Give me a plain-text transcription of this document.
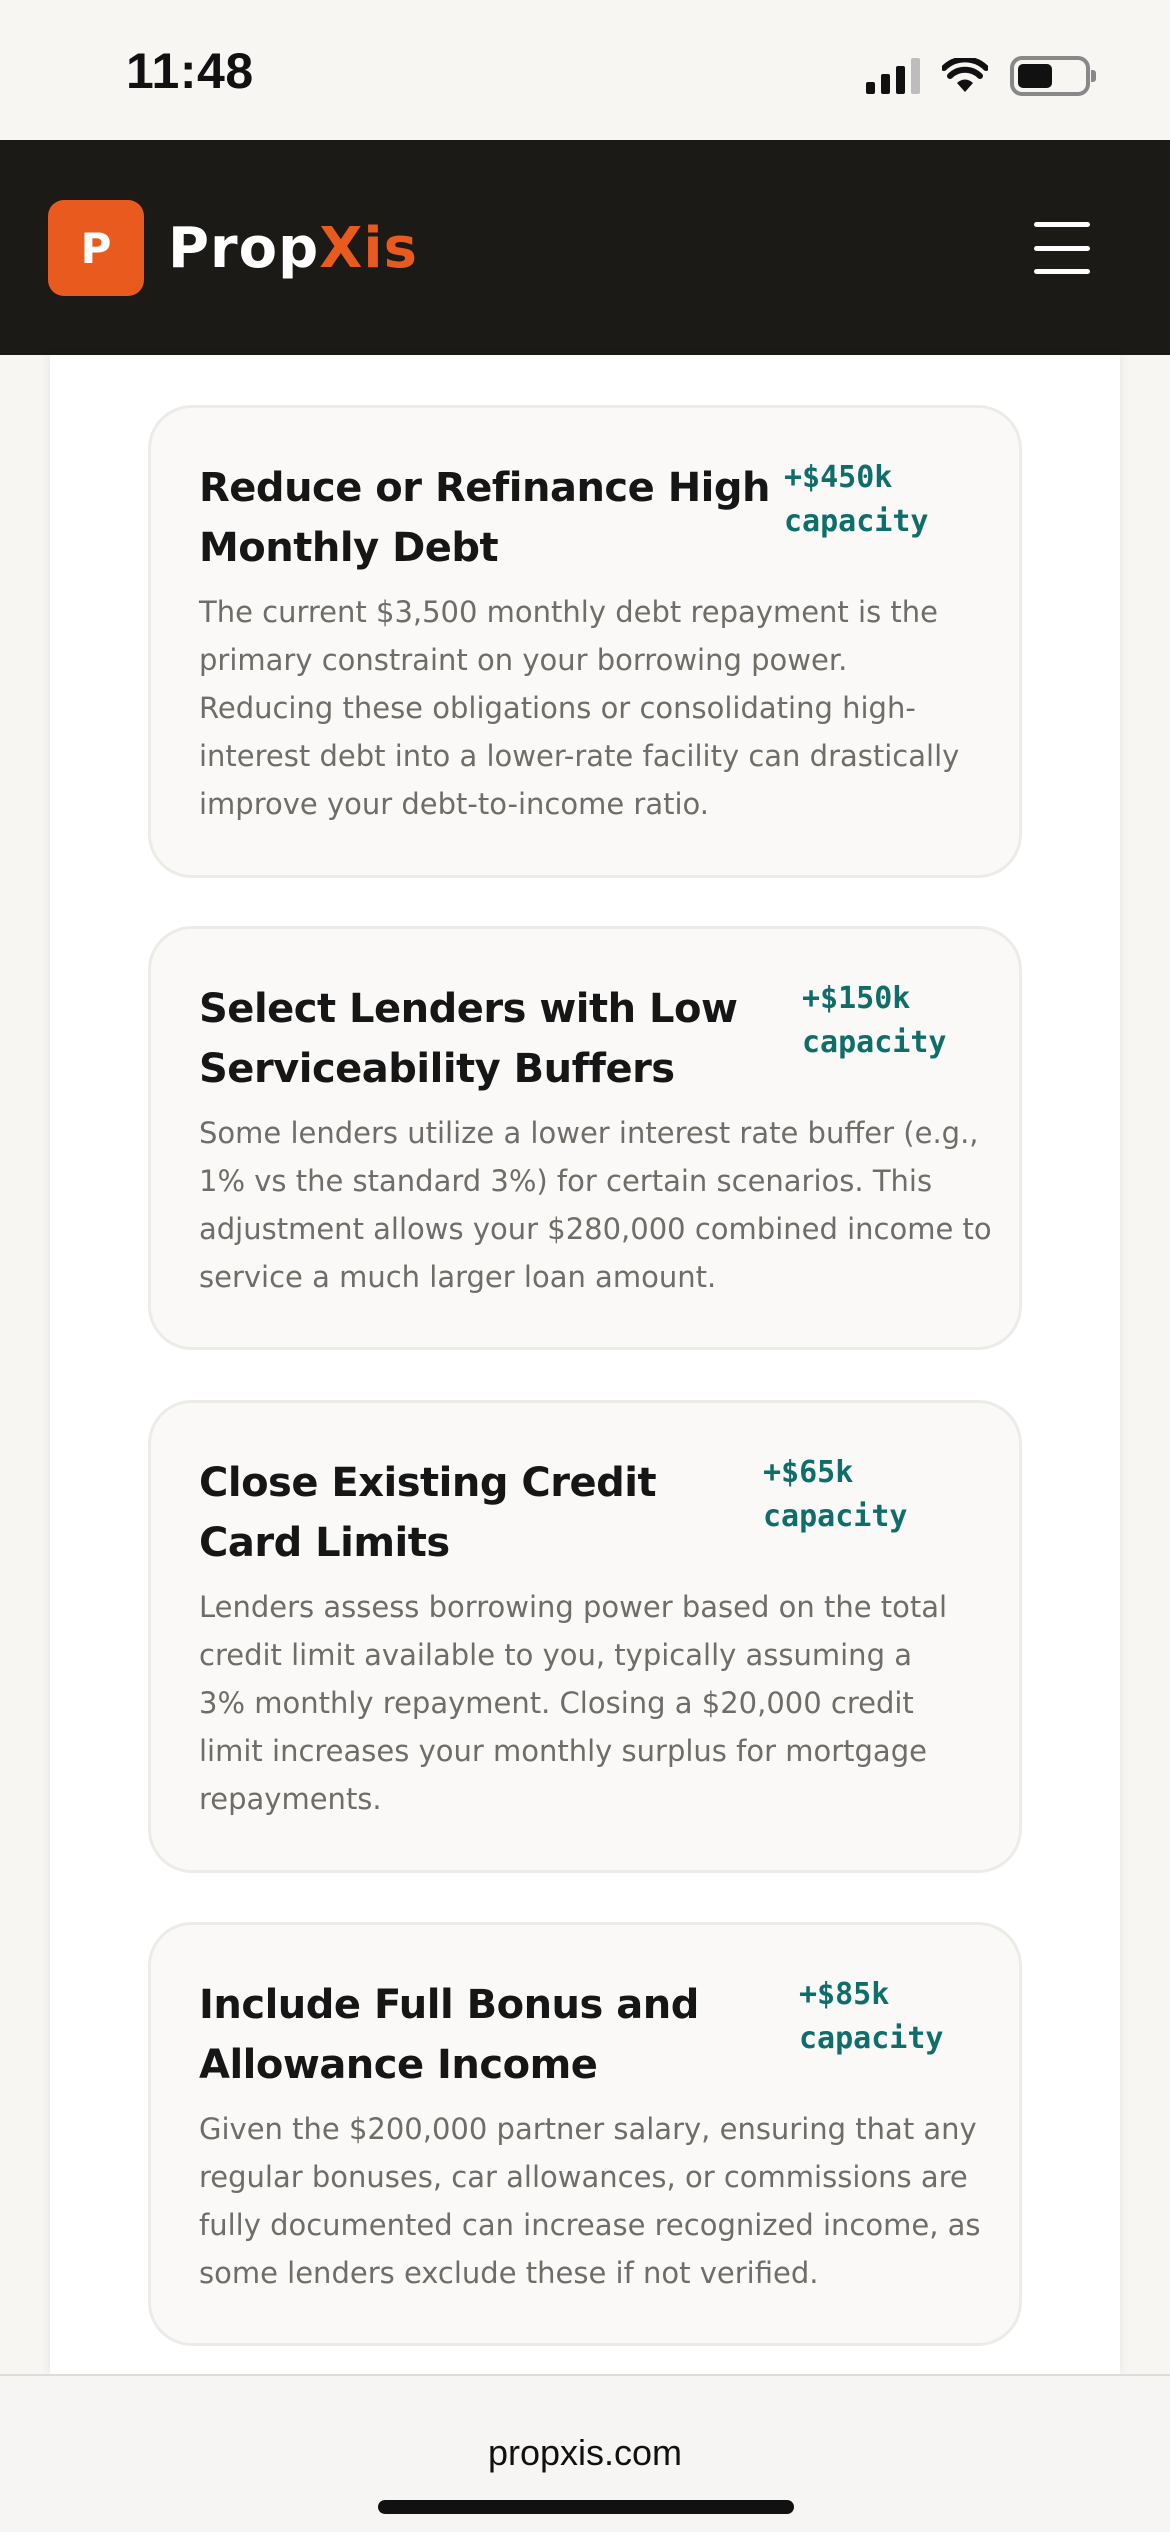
11:48
P	PropXis
Reduce or Refinance High Monthly Debt
+$450k
capacity
The current $3,500 monthly debt repayment is the primary constraint on your borrowing power. Reducing these obligations or consolidating high-interest debt into a lower-rate facility can drastically improve your debt-to-income ratio.
Select Lenders with Low Serviceability Buffers
+$150k
capacity
Some lenders utilize a lower interest rate buffer (e.g., 1% vs the standard 3%) for certain scenarios. This adjustment allows your $280,000 combined income to service a much larger loan amount.
Close Existing Credit Card Limits
+$65k
capacity
Lenders assess borrowing power based on the total credit limit available to you, typically assuming a 3% monthly repayment. Closing a $20,000 credit limit increases your monthly surplus for mortgage repayments.
Include Full Bonus and Allowance Income
+$85k
capacity
Given the $200,000 partner salary, ensuring that any regular bonuses, car allowances, or commissions are fully documented can increase recognized income, as some lenders exclude these if not verified.
propxis.com
